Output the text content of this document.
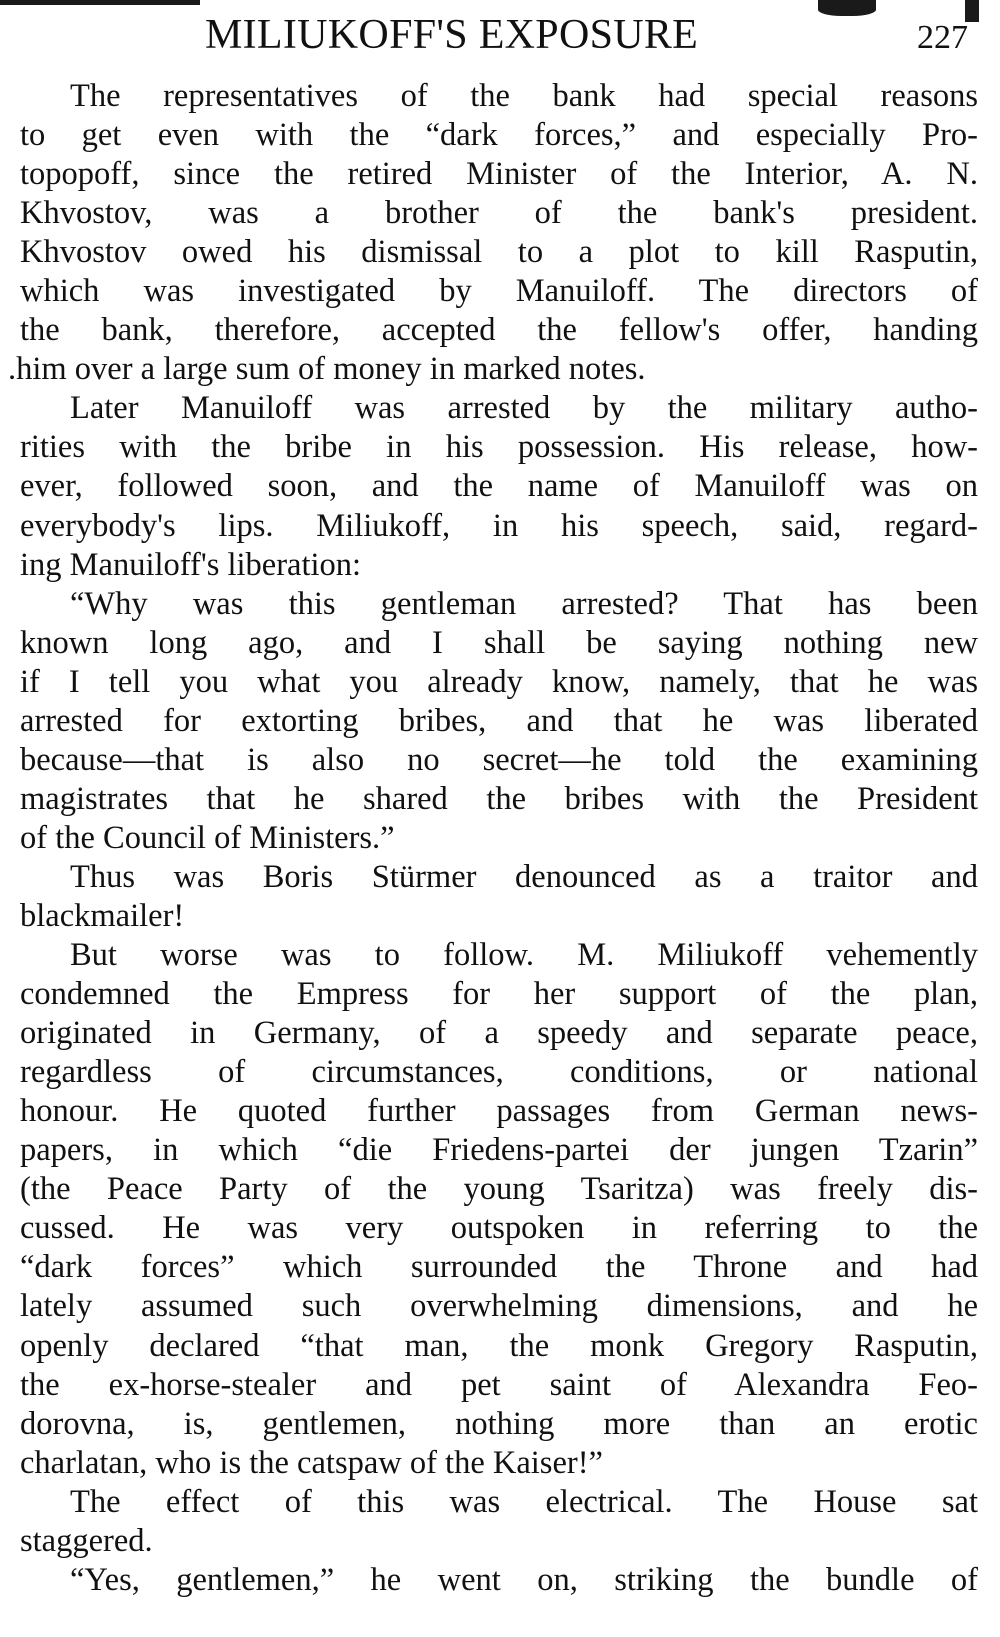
MILIUKOFF'S EXPOSURE	227
The representatives of the bank had special reasons
to get even with the “dark forces,” and especially Pro-
topopoff, since the retired Minister of the Interior, A. N.
Khvostov, was a brother of the bank's president.
Khvostov owed his dismissal to a plot to kill Rasputin,
which was investigated by Manuiloff. The directors of
the bank, therefore, accepted the fellow's offer, handing
.him over a large sum of money in marked notes.
Later Manuiloff was arrested by the military autho-
rities with the bribe in his possession. His release, how-
ever, followed soon, and the name of Manuiloff was on
everybody's lips. Miliukoff, in his speech, said, regard-
ing Manuiloff's liberation:
“Why was this gentleman arrested? That has been
known long ago, and I shall be saying nothing new
if I tell you what you already know, namely, that he was
arrested for extorting bribes, and that he was liberated
because—that is also no secret—he told the examining
magistrates that he shared the bribes with the President
of the Council of Ministers.”
Thus was Boris Stürmer denounced as a traitor and
blackmailer!
But worse was to follow. M. Miliukoff vehemently
condemned the Empress for her support of the plan,
originated in Germany, of a speedy and separate peace,
regardless of circumstances, conditions, or national
honour. He quoted further passages from German news-
papers, in which “die Friedens-partei der jungen Tzarin”
(the Peace Party of the young Tsaritza) was freely dis-
cussed. He was very outspoken in referring to the
“dark forces” which surrounded the Throne and had
lately assumed such overwhelming dimensions, and he
openly declared “that man, the monk Gregory Rasputin,
the ex-horse-stealer and pet saint of Alexandra Feo-
dorovna, is, gentlemen, nothing more than an erotic
charlatan, who is the catspaw of the Kaiser!”
The effect of this was electrical. The House sat
staggered.
“Yes, gentlemen,” he went on, striking the bundle of
